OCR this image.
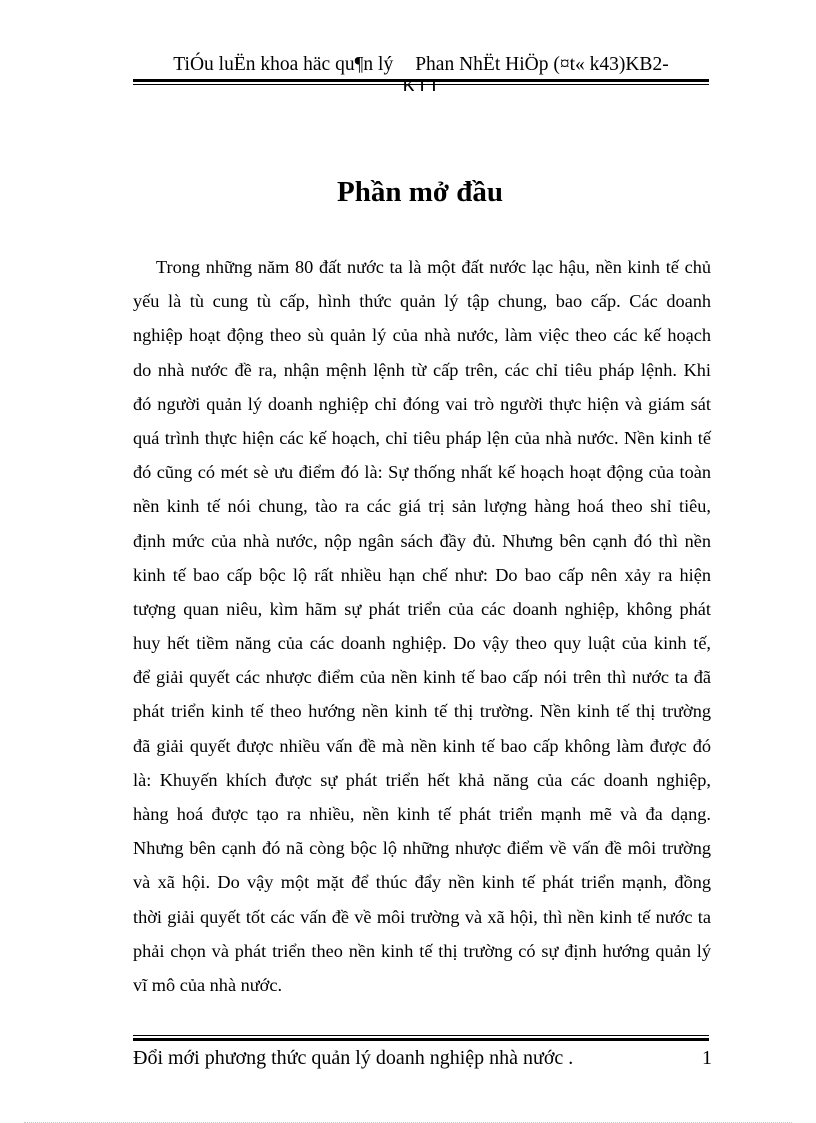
TiÓu luËn khoa häc qu¶n lý Phan NhËt HiÖp (¤t« k43)KB2-
Phần mở đầu
Trong những năm 80 đất nước ta là một đất nước lạc hậu, nền kinh tế chủ
yếu là tù cung tù cấp, hình thức quản lý tập chung, bao cấp. Các doanh
nghiệp hoạt động theo sù quản lý của nhà nước, làm việc theo các kế hoạch
do nhà nước đề ra, nhận mệnh lệnh từ cấp trên, các chỉ tiêu pháp lệnh. Khi
đó người quản lý doanh nghiệp chỉ đóng vai trò người thực hiện và giám sát
quá trình thực hiện các kế hoạch, chỉ tiêu pháp lện của nhà nước. Nền kinh tế
đó cũng có mét sè ưu điểm đó là: Sự thống nhất kế hoạch hoạt động của toàn
nền kinh tế nói chung, tào ra các giá trị sản lượng hàng hoá theo shỉ tiêu,
định mức của nhà nước, nộp ngân sách đầy đủ. Nhưng bên cạnh đó thì nền
kinh tế bao cấp bộc lộ rất nhiều hạn chế như: Do bao cấp nên xảy ra hiện
tượng quan niêu, kìm hãm sự phát triển của các doanh nghiệp, không phát
huy hết tiềm năng của các doanh nghiệp. Do vậy theo quy luật của kinh tế,
để giải quyết các nhược điểm của nền kinh tế bao cấp nói trên thì nước ta đã
phát triển kinh tế theo hướng nền kinh tế thị trường. Nền kinh tế thị trường
đã giải quyết được nhiều vấn đề mà nền kinh tế bao cấp không làm được đó
là: Khuyến khích được sự phát triển hết khả năng của các doanh nghiệp,
hàng hoá được tạo ra nhiều, nền kinh tế phát triển mạnh mẽ và đa dạng.
Nhưng bên cạnh đó nã còng bộc lộ những nhược điểm về vấn đề môi trường
và xã hội. Do vậy một mặt để thúc đẩy nền kinh tế phát triển mạnh, đồng
thời giải quyết tốt các vấn đề về môi trường và xã hội, thì nền kinh tế nước ta
phải chọn và phát triển theo nền kinh tế thị trường có sự định hướng quản lý
vĩ mô của nhà nước.
Đổi mới phương thức quản lý doanh nghiệp nhà nước .	1
